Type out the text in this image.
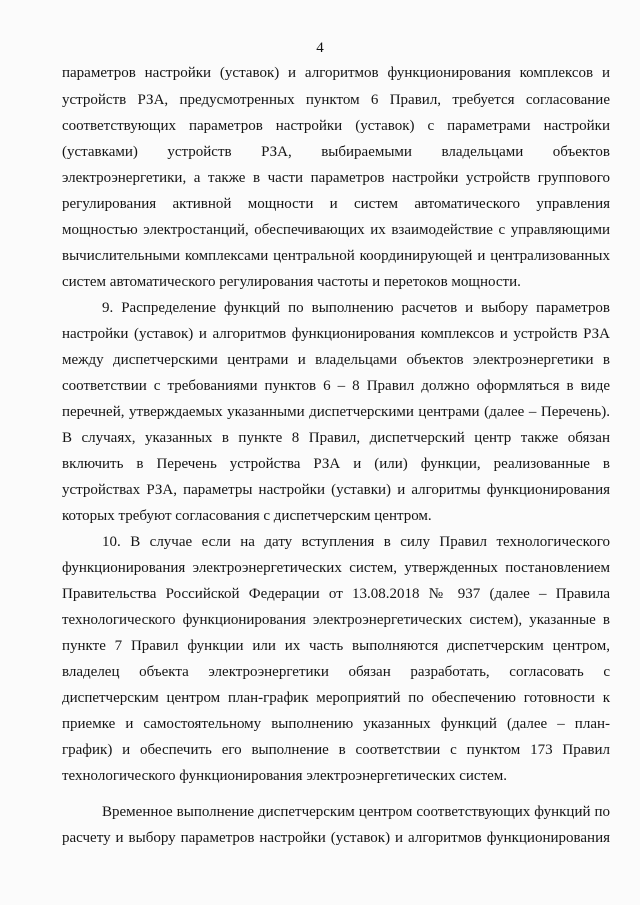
4
параметров настройки (уставок) и алгоритмов функционирования комплексов и
устройств РЗА, предусмотренных пунктом 6 Правил, требуется согласование
соответствующих параметров настройки (уставок) с параметрами настройки
(уставками) устройств РЗА, выбираемыми владельцами объектов
электроэнергетики, а также в части параметров настройки устройств группового
регулирования активной мощности и систем автоматического управления
мощностью электростанций, обеспечивающих их взаимодействие с управляющими
вычислительными комплексами центральной координирующей и централизованных
систем автоматического регулирования частоты и перетоков мощности.
9. Распределение функций по выполнению расчетов и выбору параметров
настройки (уставок) и алгоритмов функционирования комплексов и устройств РЗА
между диспетчерскими центрами и владельцами объектов электроэнергетики в
соответствии с требованиями пунктов 6 – 8 Правил должно оформляться в виде
перечней, утверждаемых указанными диспетчерскими центрами (далее – Перечень).
В случаях, указанных в пункте 8 Правил, диспетчерский центр также обязан
включить в Перечень устройства РЗА и (или) функции, реализованные в
устройствах РЗА, параметры настройки (уставки) и алгоритмы функционирования
которых требуют согласования с диспетчерским центром.
10. В случае если на дату вступления в силу Правил технологического
функционирования электроэнергетических систем, утвержденных постановлением
Правительства Российской Федерации от 13.08.2018 № 937 (далее – Правила
технологического функционирования электроэнергетических систем), указанные в
пункте 7 Правил функции или их часть выполняются диспетчерским центром,
владелец объекта электроэнергетики обязан разработать, согласовать с
диспетчерским центром план-график мероприятий по обеспечению готовности к
приемке и самостоятельному выполнению указанных функций (далее – план-
график) и обеспечить его выполнение в соответствии с пунктом 173 Правил
технологического функционирования электроэнергетических систем.
Временное выполнение диспетчерским центром соответствующих функций по
расчету и выбору параметров настройки (уставок) и алгоритмов функционирования
